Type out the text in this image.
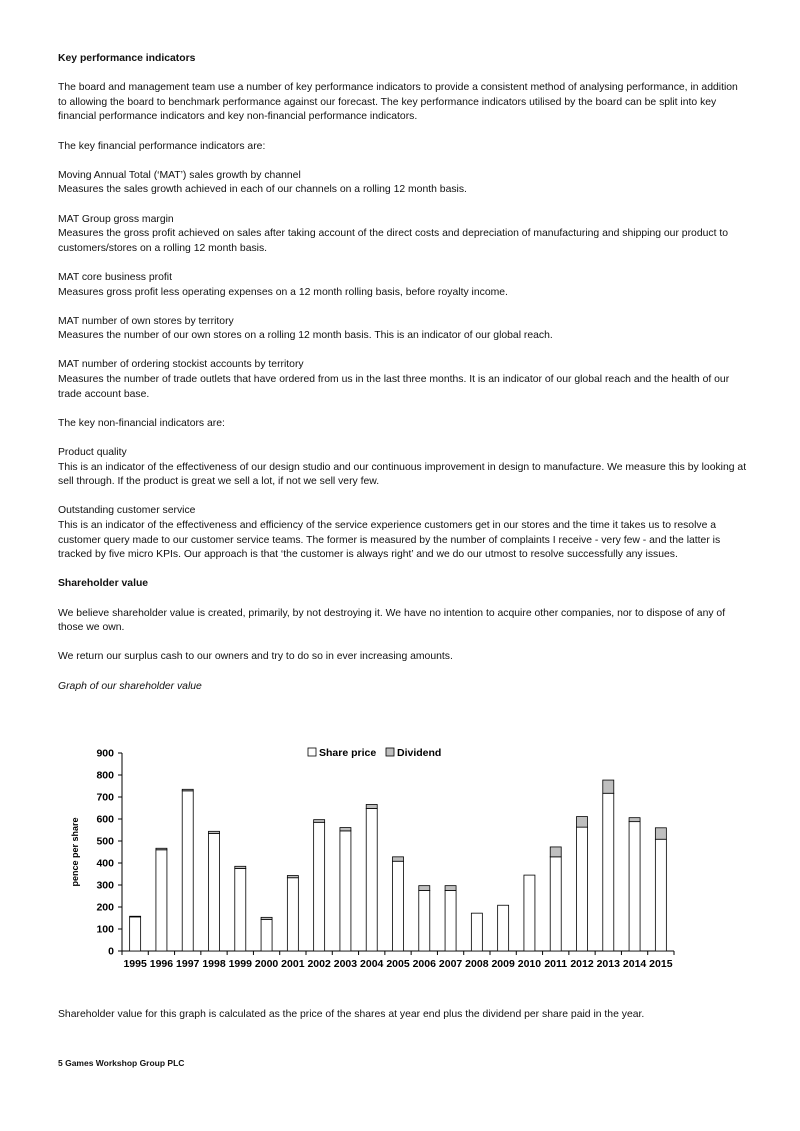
Key performance indicators

The board and management team use a number of key performance indicators to provide a consistent method of analysing performance, in addition to allowing the board to benchmark performance against our forecast. The key performance indicators utilised by the board can be split into key financial performance indicators and key non-financial performance indicators.

The key financial performance indicators are:

Moving Annual Total (‘MAT’) sales growth by channel

Measures the sales growth achieved in each of our channels on a rolling 12 month basis.

MAT Group gross margin

Measures the gross profit achieved on sales after taking account of the direct costs and depreciation of manufacturing and shipping our product to customers/stores on a rolling 12 month basis.

MAT core business profit

Measures gross profit less operating expenses on a 12 month rolling basis, before royalty income.

MAT number of own stores by territory

Measures the number of our own stores on a rolling 12 month basis. This is an indicator of our global reach.

MAT number of ordering stockist accounts by territory

Measures the number of trade outlets that have ordered from us in the last three months. It is an indicator of our global reach and the health of our trade account base.

The key non-financial indicators are:

Product quality

This is an indicator of the effectiveness of our design studio and our continuous improvement in design to manufacture. We measure this by looking at sell through. If the product is great we sell a lot, if not we sell very few.

Outstanding customer service

This is an indicator of the effectiveness and efficiency of the service experience customers get in our stores and the time it takes us to resolve a customer query made to our customer service teams. The former is measured by the number of complaints I receive - very few - and the latter is tracked by five micro KPIs. Our approach is that ‘the customer is always right’ and we do our utmost to resolve successfully any issues.

Shareholder value

We believe shareholder value is created, primarily, by not destroying it. We have no intention to acquire other companies, nor to dispose of any of those we own.

We return our surplus cash to our owners and try to do so in ever increasing amounts.

Graph of our shareholder value

0
100
200
300
400
500
600
700
800
900
pence per share
1995 1996 1997 1998 1999 2000 2001 2002 2003 2004 2005 2006 2007 2008 2009 2010 2011 2012 2013 2014 2015
Share price Dividend

Shareholder value for this graph is calculated as the price of the shares at year end plus the dividend per share paid in the year.

5 Games Workshop Group PLC
